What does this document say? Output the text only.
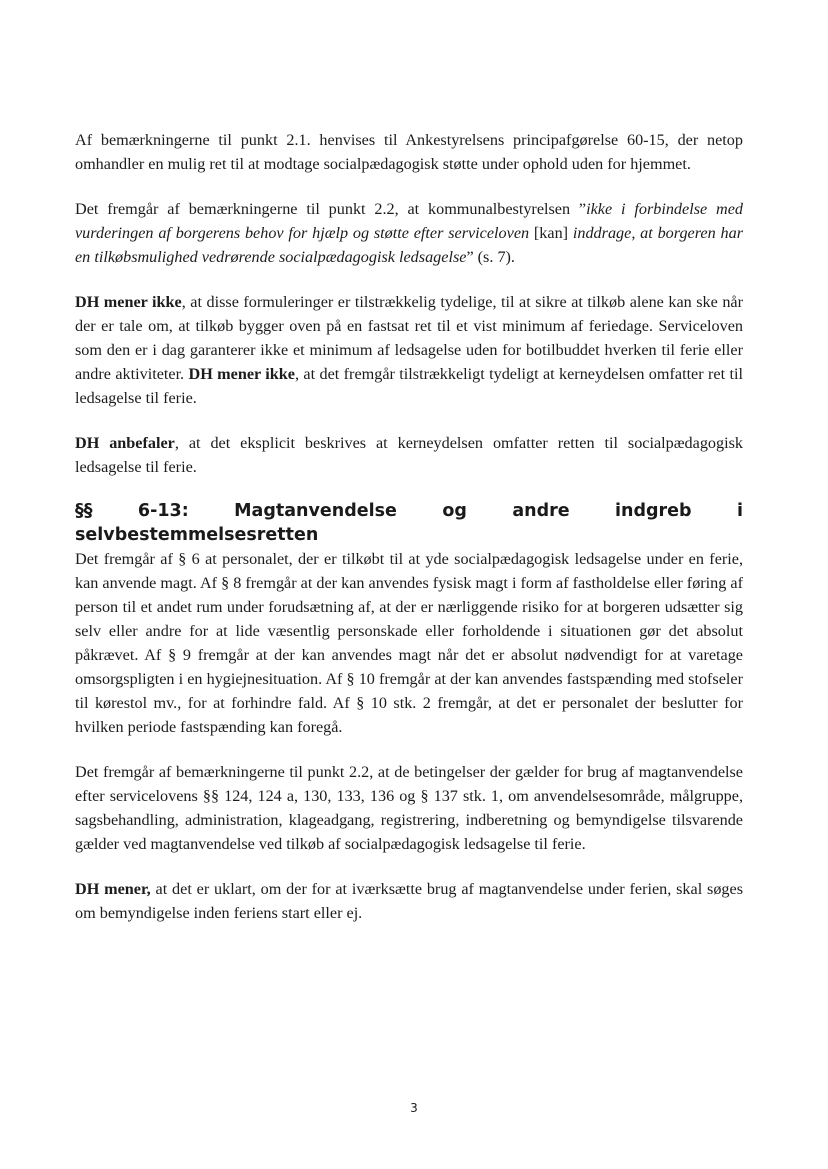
Af bemærkningerne til punkt 2.1. henvises til Ankestyrelsens principafgørelse 60-15, der netop omhandler en mulig ret til at modtage socialpædagogisk støtte under ophold uden for hjemmet.

Det fremgår af bemærkningerne til punkt 2.2, at kommunalbestyrelsen ”ikke i forbindelse med vurderingen af borgerens behov for hjælp og støtte efter serviceloven [kan] inddrage, at borgeren har en tilkøbsmulighed vedrørende socialpædagogisk ledsagelse” (s. 7).

DH mener ikke, at disse formuleringer er tilstrækkelig tydelige, til at sikre at tilkøb alene kan ske når der er tale om, at tilkøb bygger oven på en fastsat ret til et vist minimum af feriedage. Serviceloven som den er i dag garanterer ikke et minimum af ledsagelse uden for botilbuddet hverken til ferie eller andre aktiviteter. DH mener ikke, at det fremgår tilstrækkeligt tydeligt at kerneydelsen omfatter ret til ledsagelse til ferie.

DH anbefaler, at det eksplicit beskrives at kerneydelsen omfatter retten til socialpædagogisk ledsagelse til ferie.

§§ 6-13: Magtanvendelse og andre indgreb i selvbestemmelsesretten

Det fremgår af § 6 at personalet, der er tilkøbt til at yde socialpædagogisk ledsagelse under en ferie, kan anvende magt. Af § 8 fremgår at der kan anvendes fysisk magt i form af fastholdelse eller føring af person til et andet rum under forudsætning af, at der er nærliggende risiko for at borgeren udsætter sig selv eller andre for at lide væsentlig personskade eller forholdende i situationen gør det absolut påkrævet. Af § 9 fremgår at der kan anvendes magt når det er absolut nødvendigt for at varetage omsorgspligten i en hygiejnesituation. Af § 10 fremgår at der kan anvendes fastspænding med stofseler til kørestol mv., for at forhindre fald. Af § 10 stk. 2 fremgår, at det er personalet der beslutter for hvilken periode fastspænding kan foregå.

Det fremgår af bemærkningerne til punkt 2.2, at de betingelser der gælder for brug af magtanvendelse efter servicelovens §§ 124, 124 a, 130, 133, 136 og § 137 stk. 1, om anvendelsesområde, målgruppe, sagsbehandling, administration, klageadgang, registrering, indberetning og bemyndigelse tilsvarende gælder ved magtanvendelse ved tilkøb af socialpædagogisk ledsagelse til ferie.

DH mener, at det er uklart, om der for at iværksætte brug af magtanvendelse under ferien, skal søges om bemyndigelse inden feriens start eller ej.

3
